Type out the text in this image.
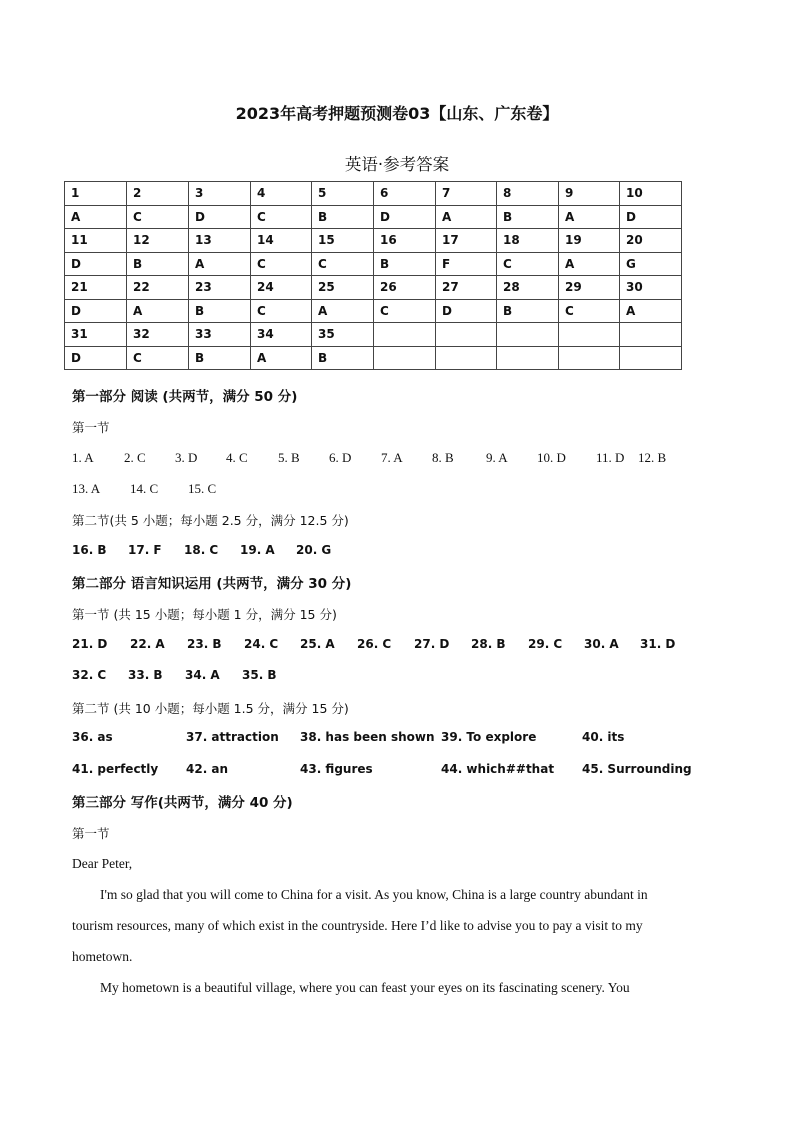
2023年高考押题预测卷03【山东、广东卷】
英语·参考答案
1	2	3	4	5	6	7	8	9	10
A	C	D	C	B	D	A	B	A	D
11	12	13	14	15	16	17	18	19	20
D	B	A	C	C	B	F	C	A	G
21	22	23	24	25	26	27	28	29	30
D	A	B	C	A	C	D	B	C	A
31	32	33	34	35					
D	C	B	A	B					
第一部分 阅读 (共两节，满分 50 分)
第一节
1. A 2. C 3. D 4. C 5. B 6. D 7. A 8. B 9. A 10. D 11. D 12. B
13. A 14. C 15. C
第二节(共 5 小题；每小题 2.5 分，满分 12.5 分)
16. B 17. F 18. C 19. A 20. G
第二部分 语言知识运用 (共两节，满分 30 分)
第一节 (共 15 小题；每小题 1 分，满分 15 分)
21. D 22. A 23. B 24. C 25. A 26. C 27. D 28. B 29. C 30. A 31. D
32. C 33. B 34. A 35. B
第二节 (共 10 小题；每小题 1.5 分，满分 15 分)
36. as	37. attraction 38. has been shown 39. To explore	40. its
41. perfectly 42. an	43. figures	44. which##that 45. Surrounding
第三部分 写作(共两节，满分 40 分)
第一节
Dear Peter,
I'm so glad that you will come to China for a visit. As you know, China is a large country abundant in
tourism resources, many of which exist in the countryside. Here I’d like to advise you to pay a visit to my
hometown.
My hometown is a beautiful village, where you can feast your eyes on its fascinating scenery. You
